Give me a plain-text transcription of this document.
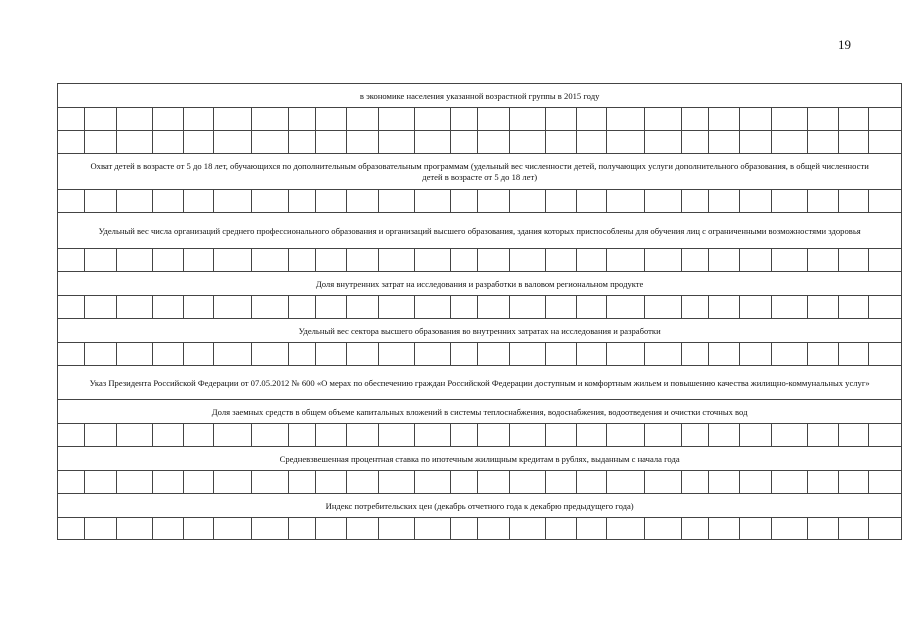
19
в экономике населения указанной возрастной группы в 2015 году																									

Охват детей в возрасте от 5 до 18 лет, обучающихся по дополнительным образовательным программам (удельный вес численности детей, получающих услуги дополнительного образования, в общей численности детей в возрасте от 5 до 18 лет)																									

Удельный вес числа организаций среднего профессионального образования и организаций высшего образования, здания которых приспособлены для обучения лиц с ограниченными возможностями здоровья																									

Доля внутренних затрат на исследования и разработки в валовом региональном продукте																									

Удельный вес сектора высшего образования во внутренних затратах на исследования и разработки																									

Указ Президента Российской Федерации от 07.05.2012 № 600 «О мерах по обеспечению граждан Российской Федерации доступным и комфортным жильем и повышению качества жилищно-коммунальных услуг»																									
Доля заемных средств в общем объеме капитальных вложений в системы теплоснабжения, водоснабжения, водоотведения и очистки сточных вод																									

Средневзвешенная процентная ставка по ипотечным жилищным кредитам в рублях, выданным с начала года																									

Индекс потребительских цен (декабрь отчетного года к декабрю предыдущего года)																									
